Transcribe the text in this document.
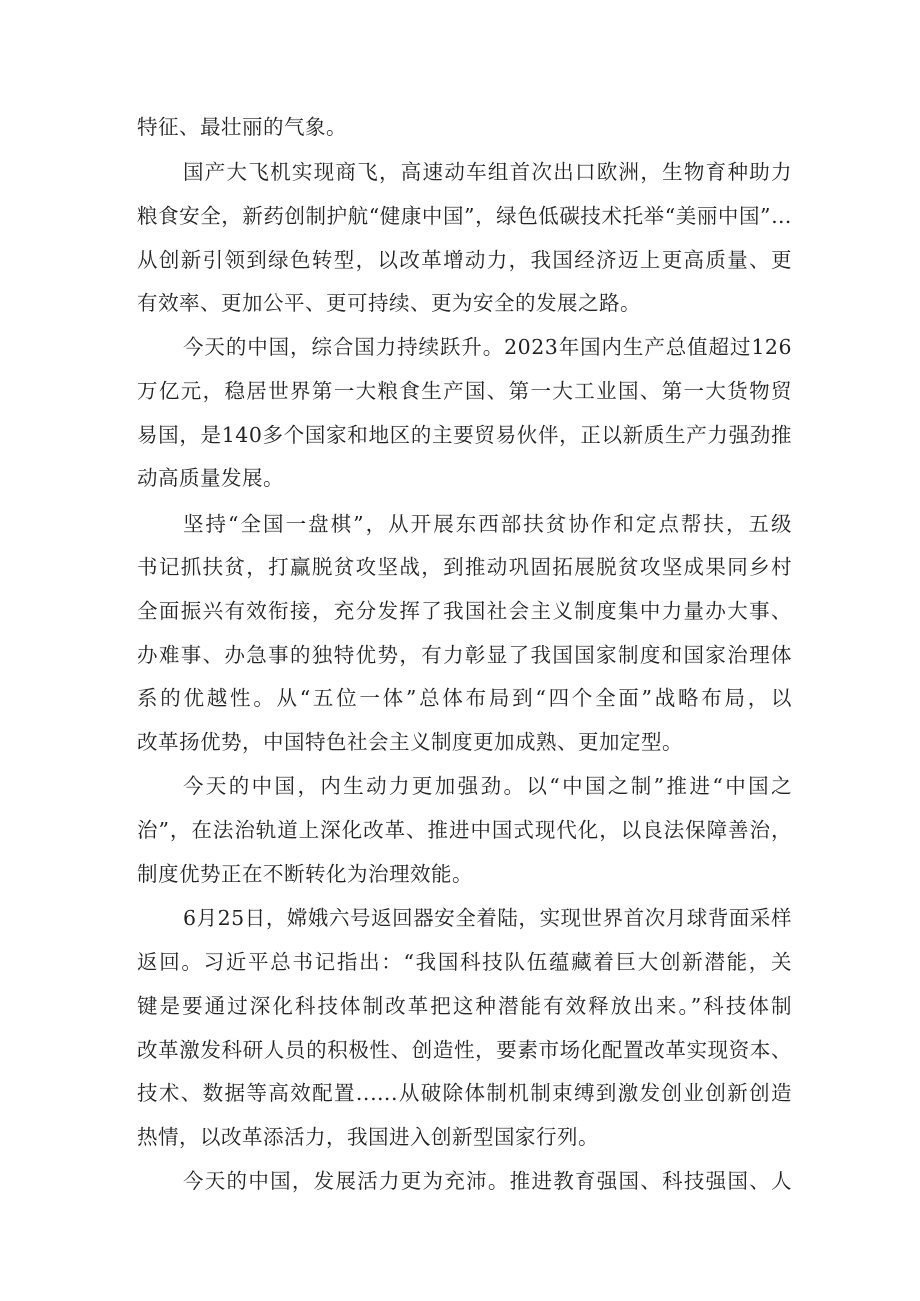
特征、最壮丽的气象。
国产大飞机实现商飞，高速动车组首次出口欧洲，生物育种助力
粮食安全，新药创制护航“健康中国”，绿色低碳技术托举“美丽中国”…
从创新引领到绿色转型，以改革增动力，我国经济迈上更高质量、更
有效率、更加公平、更可持续、更为安全的发展之路。
今天的中国，综合国力持续跃升。2023年国内生产总值超过126
万亿元，稳居世界第一大粮食生产国、第一大工业国、第一大货物贸
易国，是140多个国家和地区的主要贸易伙伴，正以新质生产力强劲推
动高质量发展。
坚持“全国一盘棋”，从开展东西部扶贫协作和定点帮扶，五级
书记抓扶贫，打赢脱贫攻坚战，到推动巩固拓展脱贫攻坚成果同乡村
全面振兴有效衔接，充分发挥了我国社会主义制度集中力量办大事、
办难事、办急事的独特优势，有力彰显了我国国家制度和国家治理体
系的优越性。从“五位一体”总体布局到“四个全面”战略布局，以
改革扬优势，中国特色社会主义制度更加成熟、更加定型。
今天的中国，内生动力更加强劲。以“中国之制”推进“中国之
治”，在法治轨道上深化改革、推进中国式现代化，以良法保障善治，
制度优势正在不断转化为治理效能。
6月25日，嫦娥六号返回器安全着陆，实现世界首次月球背面采样
返回。习近平总书记指出：“我国科技队伍蕴藏着巨大创新潜能，关
键是要通过深化科技体制改革把这种潜能有效释放出来。”科技体制
改革激发科研人员的积极性、创造性，要素市场化配置改革实现资本、
技术、数据等高效配置..….从破除体制机制束缚到激发创业创新创造
热情，以改革添活力，我国进入创新型国家行列。
今天的中国，发展活力更为充沛。推进教育强国、科技强国、人
